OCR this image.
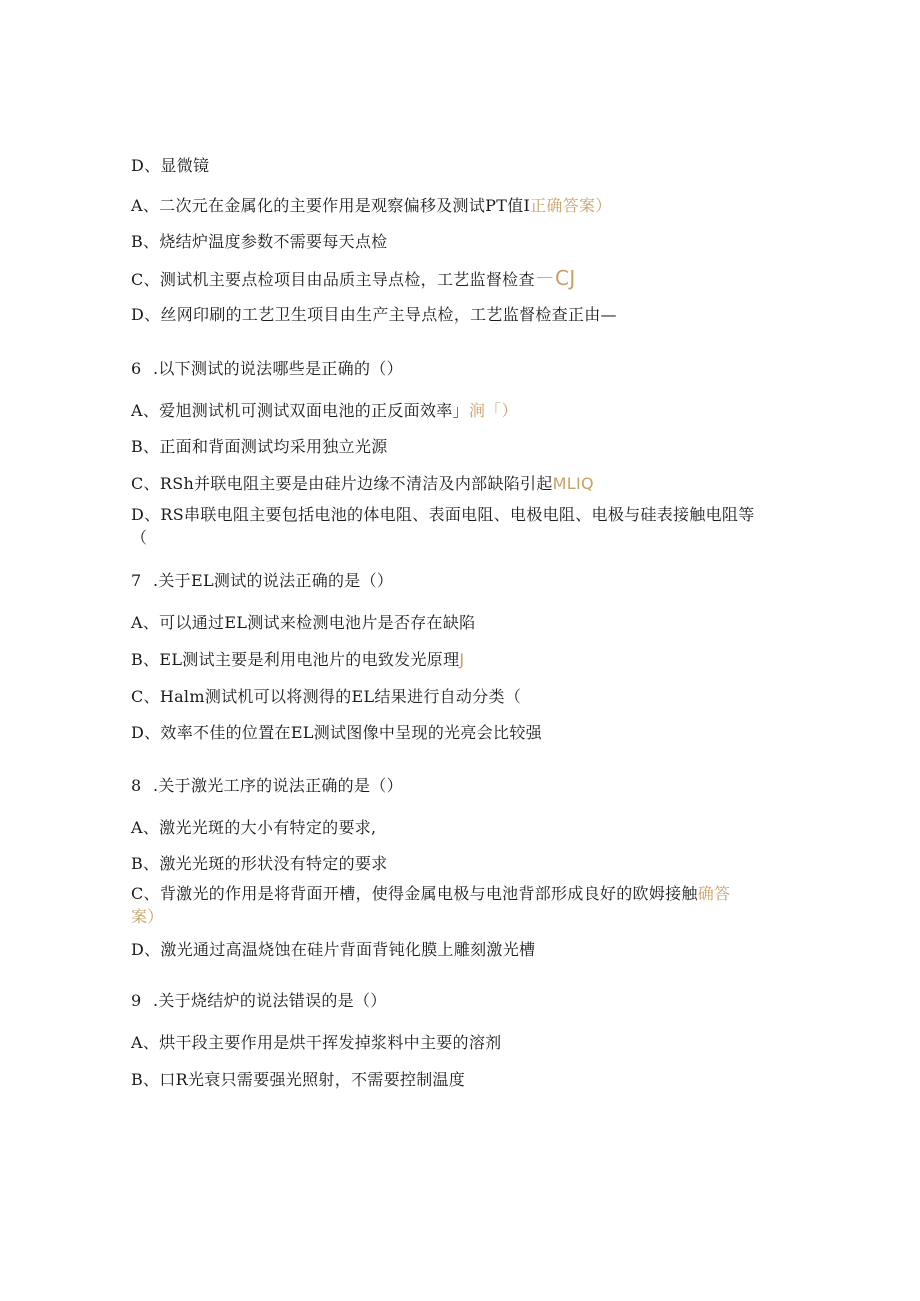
D、显微镜
A、二次元在金属化的主要作用是观察偏移及测试PT值I正确答案）
B、烧结炉温度参数不需要每天点检
C、测试机主要点检项目由品质主导点检，工艺监督检查－CJ
D、丝网印刷的工艺卫生项目由生产主导点检，工艺监督检查正由—
6 .以下测试的说法哪些是正确的（）
A、爱旭测试机可测试双面电池的正反面效率」涧「）
B、正面和背面测试均采用独立光源
C、RSh并联电阻主要是由硅片边缘不清洁及内部缺陷引起MLIQ
D、RS串联电阻主要包括电池的体电阻、表面电阻、电极电阻、电极与硅表接触电阻等
（
7 .关于EL测试的说法正确的是（）
A、可以通过EL测试来检测电池片是否存在缺陷
B、EL测试主要是利用电池片的电致发光原理J
C、Halm测试机可以将测得的EL结果进行自动分类（
D、效率不佳的位置在EL测试图像中呈现的光亮会比较强
8 .关于激光工序的说法正确的是（）
A、激光光斑的大小有特定的要求,
B、激光光斑的形状没有特定的要求
C、背激光的作用是将背面开槽，使得金属电极与电池背部形成良好的欧姆接触确答
案）
D、激光通过高温烧蚀在硅片背面背钝化膜上雕刻激光槽
9 .关于烧结炉的说法错误的是（）
A、烘干段主要作用是烘干挥发掉浆料中主要的溶剂
B、口R光衰只需要强光照射，不需要控制温度
